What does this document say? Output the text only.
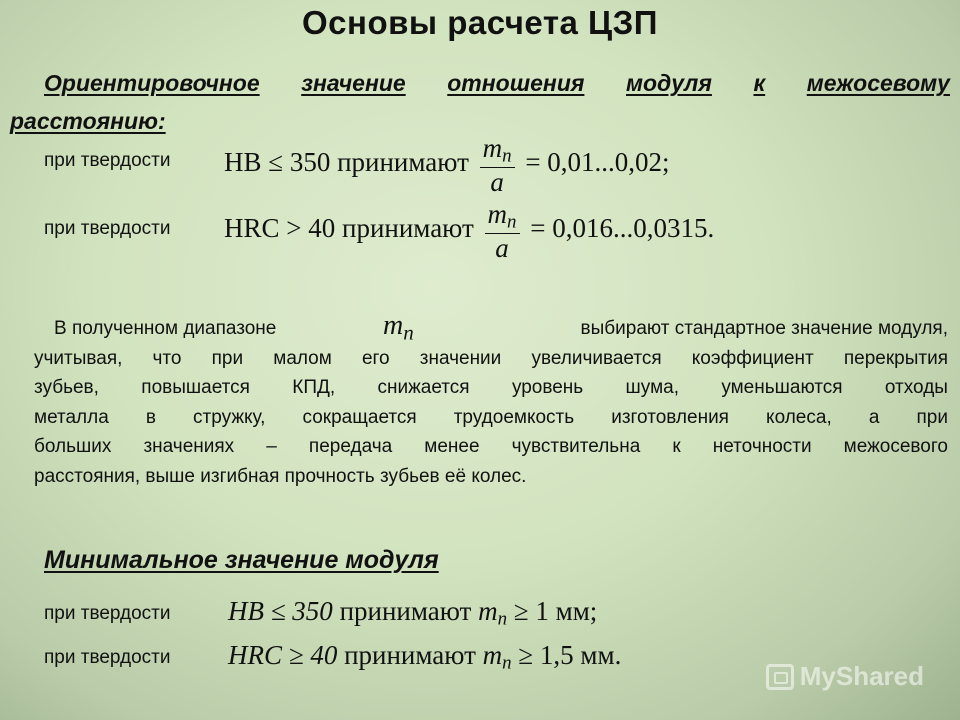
Основы расчета ЦЗП
Ориентировочное значение отношения модуля к межосевому
расстоянию:
при твердости HB ≤ 350 принимают $\frac{m_n}{a} = 0,01...0,02$;
при твердости HRC > 40 принимают $\frac{m_n}{a} = 0,016...0,0315$.
$m_n$
В полученном диапазоне	выбирают стандартное значение модуля,
учитывая, что при малом его значении увеличивается коэффициент перекрытия
зубьев, повышается КПД, снижается уровень шума, уменьшаются отходы
металла в стружку, сокращается трудоемкость изготовления колеса, а при
больших значениях – передача менее чувствительна к неточности межосевого
расстояния, выше изгибная прочность зубьев её колес.
Минимальное значение модуля
при твердости HB ≤ 350 принимают $m_n \ge 1$ мм;
при твердости HRC ≥ 40 принимают $m_n \ge 1,5$ мм.
MyShared
